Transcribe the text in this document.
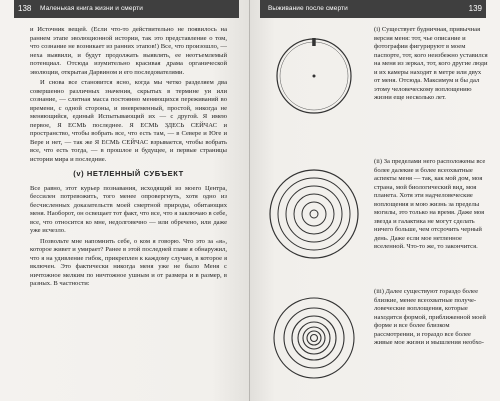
138	Маленькая книга жизни и смерти

и Источник вещей. (Если что-то действительно не появилось на раннем этапе эволюционной истории, так это представление о том, что сознание не возникает из ранних этапов!) Все, что произошло, — неха выявили, и будут продолжать выявлять, ее неотъемлемый потенциал. Отсюда изумительно красивая драма органической эволюции, открытая Дарвином и его последователями.

И снова все становится ясно, когда мы четко разделяем два совершенно различных значения, скрытых в термине уи или сознание, — слитная масса постоянно меняющихся переживаний во времени, с одной стороны, и вневременный, простой, никогда не меняющийся, единый Испытывающий их — с другой. Я имею первое, Я ЕСМЬ последнее. Я ЕСМЬ ЗДЕСЬ СЕЙЧАС и пространство, чтобы вобрать все, что есть там, — в Севере и Юге и Вере и нет, — так же Я ЕСМЬ СЕЙЧАС взрывается, чтобы вобрать все, что есть тогда, — в прошлое и будущее, и первые страницы истории мира и последние.

(v) НЕТЛЕННЫЙ СУБЪЕКТ

Все равно, этот курьер познавания, исходящий из моего Центра, бессилен потревожить, того менее опровергнуть, хотя одно из бесчисленных доказательств моей смертной природы, обитающих меня. Наоборот, он освещает тот факт, что все, что я заключаю в себе, все, что относится ко мне, недолговечно — или обречено, или даже уже исчезло.

Позвольте мне напомнить себе, о ком я говорю. Что это за «я», которое живет и умирает? Ранее в этой последней главе я обнаружил, что я на удивление гибок, прикреплен к каждому случаю, в которое я включен. Это фактически никогда меня уже не было Меня с ничтожное мелким по ничтожное ушным и от размера и в размер, в разных. В частности:

Выживание после смерти	139

(i) Существует будничная, привычная версия меня: тот, чье описание и фотографии фигурируют в моем паспорте, тот, кого неизбежно уставился на меня из зеркал, тот, кого другие люди и их камеры находят в метре или двух от меня. Отсюда. Максимум и бы дал этому человеческому воплощению жизни еще несколько лет.

(ii) За пределами него расположены все более далекие и более всеохватные аспекты меня — так, как мой дом, моя страна, мой биологический вид, моя планета. Хотя эти надчеловеческие воплощения и мою жизнь за пределы могилы, это только на время. Даже моя звезда и галактика не могут сделать ничего больше, чем отсрочить черный день. Даже если мое нетленное вселенной. Что-то же, то закончится.

(iii) Далее существуют гораздо более близкие, менее всеохватные получеловеческие воплощения, которые находятся формой, приближенной моей форме и все более близком рассмотрении, и гораздо все более живые мое жизни и мышления необхо-
